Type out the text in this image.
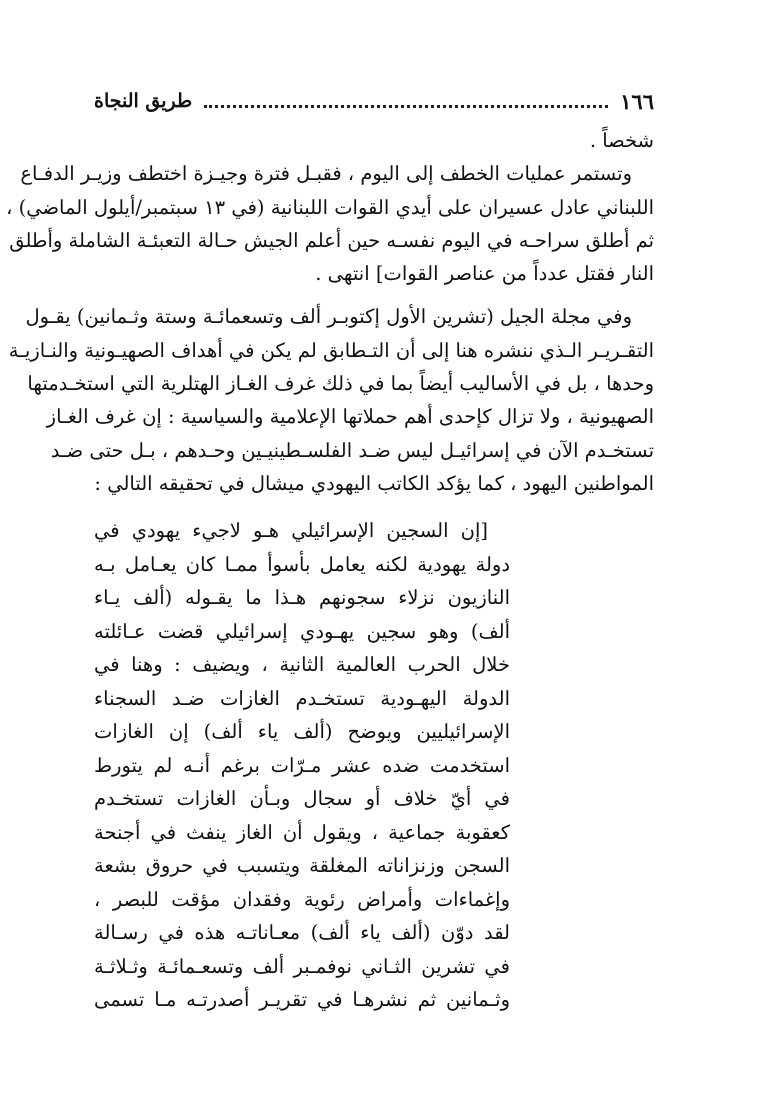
١٦٦
طريق النجاة
شخصاً .
وتستمر عمليات الخطف إلى اليوم ، فقبـل فترة وجيـزة اختطف وزيـر الدفـاع
اللبناني عادل عسيران على أيدي القوات اللبنانية (في ١٣ سبتمبر/أيلول الماضي) ،
ثم أطلق سراحـه في اليوم نفسـه حين أعلم الجيش حـالة التعبئـة الشاملة وأطلق
النار فقتل عدداً من عناصر القوات] انتهى .
وفي مجلة الجيل (تشرين الأول إكتوبـر ألف وتسعمائـة وستة وثـمانين) يقـول
التقـريـر الـذي ننشره هنا إلى أن التـطابق لم يكن في أهداف الصهيـونية والنـازيـة
وحدها ، بل في الأساليب أيضاً بما في ذلك غرف الغـاز الهتلرية التي استخـدمتها
الصهيونية ، ولا تزال كإحدى أهم حملاتها الإعلامية والسياسية : إن غرف الغـاز
تستخـدم الآن في إسرائيـل ليس ضـد الفلسـطينيـين وحـدهم ، بـل حتى ضـد
المواطنين اليهود ، كما يؤكد الكاتب اليهودي ميشال في تحقيقه التالي :
[إن السجين الإسرائيلي هـو لاجيء يهودي في
دولة يهودية لكنه يعامل بأسوأ ممـا كان يعـامل بـه
النازيون نزلاء سجونهم هـذا ما يقـوله (ألف يـاء
ألف) وهو سجين يهـودي إسرائيلي قضت عـائلته
خلال الحرب العالمية الثانية ، ويضيف : وهنا في
الدولة اليهـودية تستخـدم الغازات ضـد السجناء
الإسرائيليين ويوضح (ألف ياء ألف) إن الغازات
استخدمت ضده عشر مـرّات برغم أنـه لم يتورط
في أيّ خلاف أو سجال وبـأن الغازات تستخـدم
كعقوبة جماعية ، ويقول أن الغاز ينفث في أجنحة
السجن وزنزاناته المغلقة ويتسبب في حروق بشعة
وإغماءات وأمراض رئوية وفقدان مؤقت للبصر ،
لقد دوّن (ألف ياء ألف) معـاناتـه هذه في رسـالة
في تشرين الثـاني نوفمـبر ألف وتسعـمائـة وثـلاثـة
وثـمانين ثم نشرهـا في تقريـر أصدرتـه مـا تسمى
